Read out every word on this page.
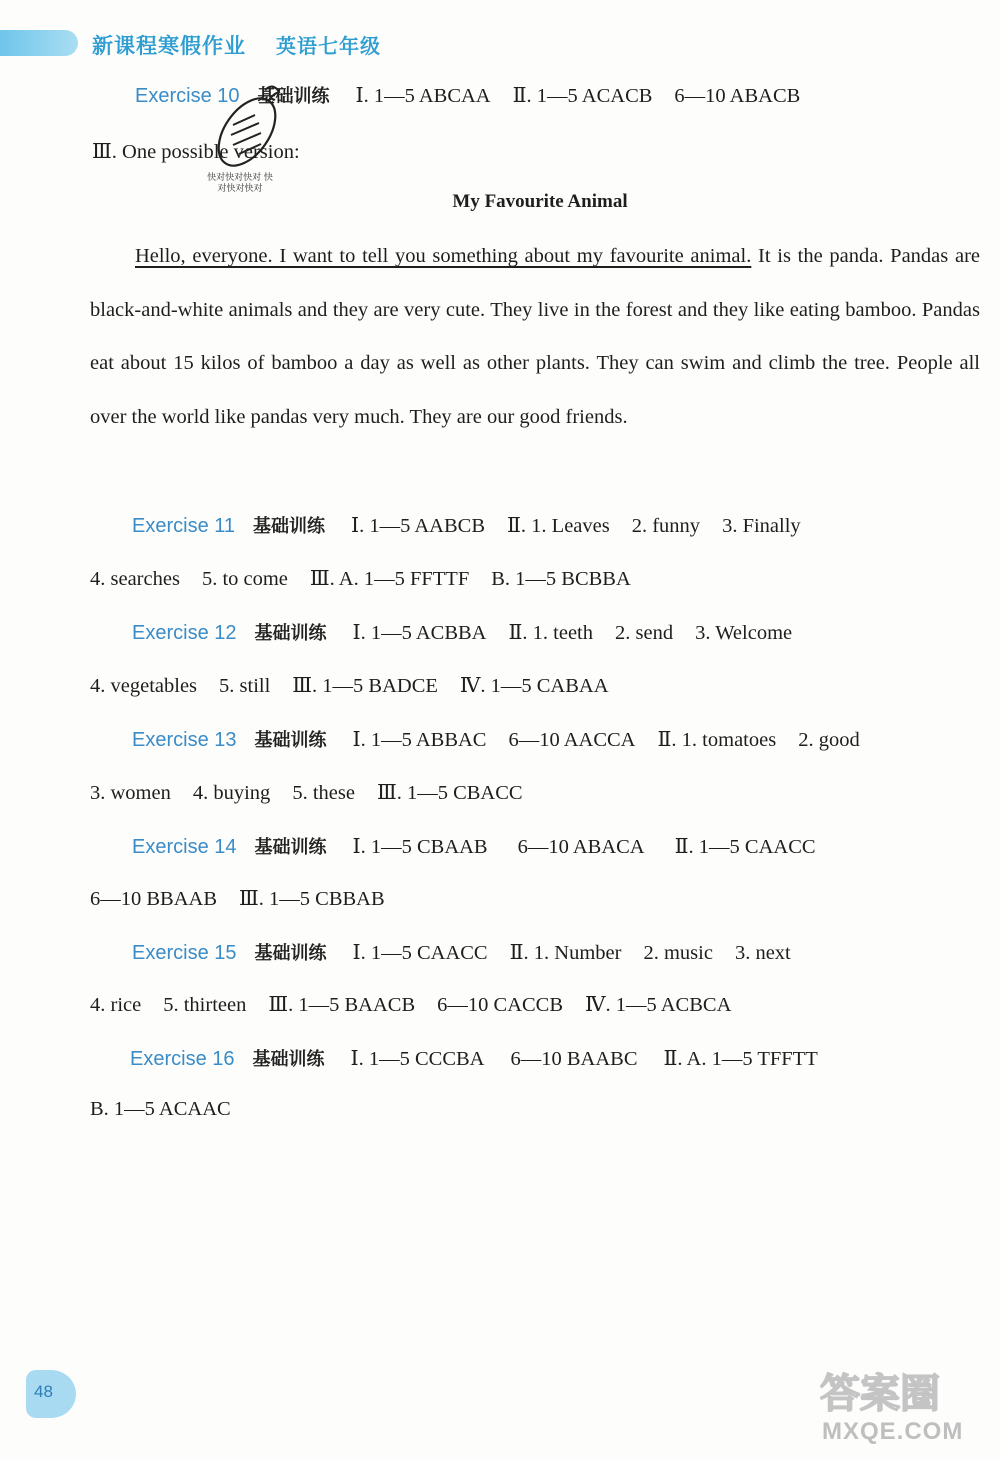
新课程寒假作业 英语七年级
Exercise 10 基础训练 Ⅰ. 1—5 ABCAA Ⅱ. 1—5 ACACB 6—10 ABACB
Ⅲ. One possible version:
快对快对快对 快对快对快对
My Favourite Animal
Hello, everyone. I want to tell you something about my favourite animal. It is the panda. Pandas are black-and-white animals and they are very cute. They live in the forest and they like eating bamboo. Pandas eat about 15 kilos of bamboo a day as well as other plants. They can swim and climb the tree. People all over the world like pandas very much. They are our good friends.
Exercise 11 基础训练 Ⅰ. 1—5 AABCB Ⅱ. 1. Leaves 2. funny 3. Finally
4. searches 5. to come Ⅲ. A. 1—5 FFTTF B. 1—5 BCBBA
Exercise 12 基础训练 Ⅰ. 1—5 ACBBA Ⅱ. 1. teeth 2. send 3. Welcome
4. vegetables 5. still Ⅲ. 1—5 BADCE Ⅳ. 1—5 CABAA
Exercise 13 基础训练 Ⅰ. 1—5 ABBAC 6—10 AACCA Ⅱ. 1. tomatoes 2. good
3. women 4. buying 5. these Ⅲ. 1—5 CBACC
Exercise 14 基础训练 Ⅰ. 1—5 CBAAB 6—10 ABACA Ⅱ. 1—5 CAACC
6—10 BBAAB Ⅲ. 1—5 CBBAB
Exercise 15 基础训练 Ⅰ. 1—5 CAACC Ⅱ. 1. Number 2. music 3. next
4. rice 5. thirteen Ⅲ. 1—5 BAACB 6—10 CACCB Ⅳ. 1—5 ACBCA
Exercise 16 基础训练 Ⅰ. 1—5 CCCBA 6—10 BAABC Ⅱ. A. 1—5 TFFTT
B. 1—5 ACAAC
48	答案圈
MXQE.COM
